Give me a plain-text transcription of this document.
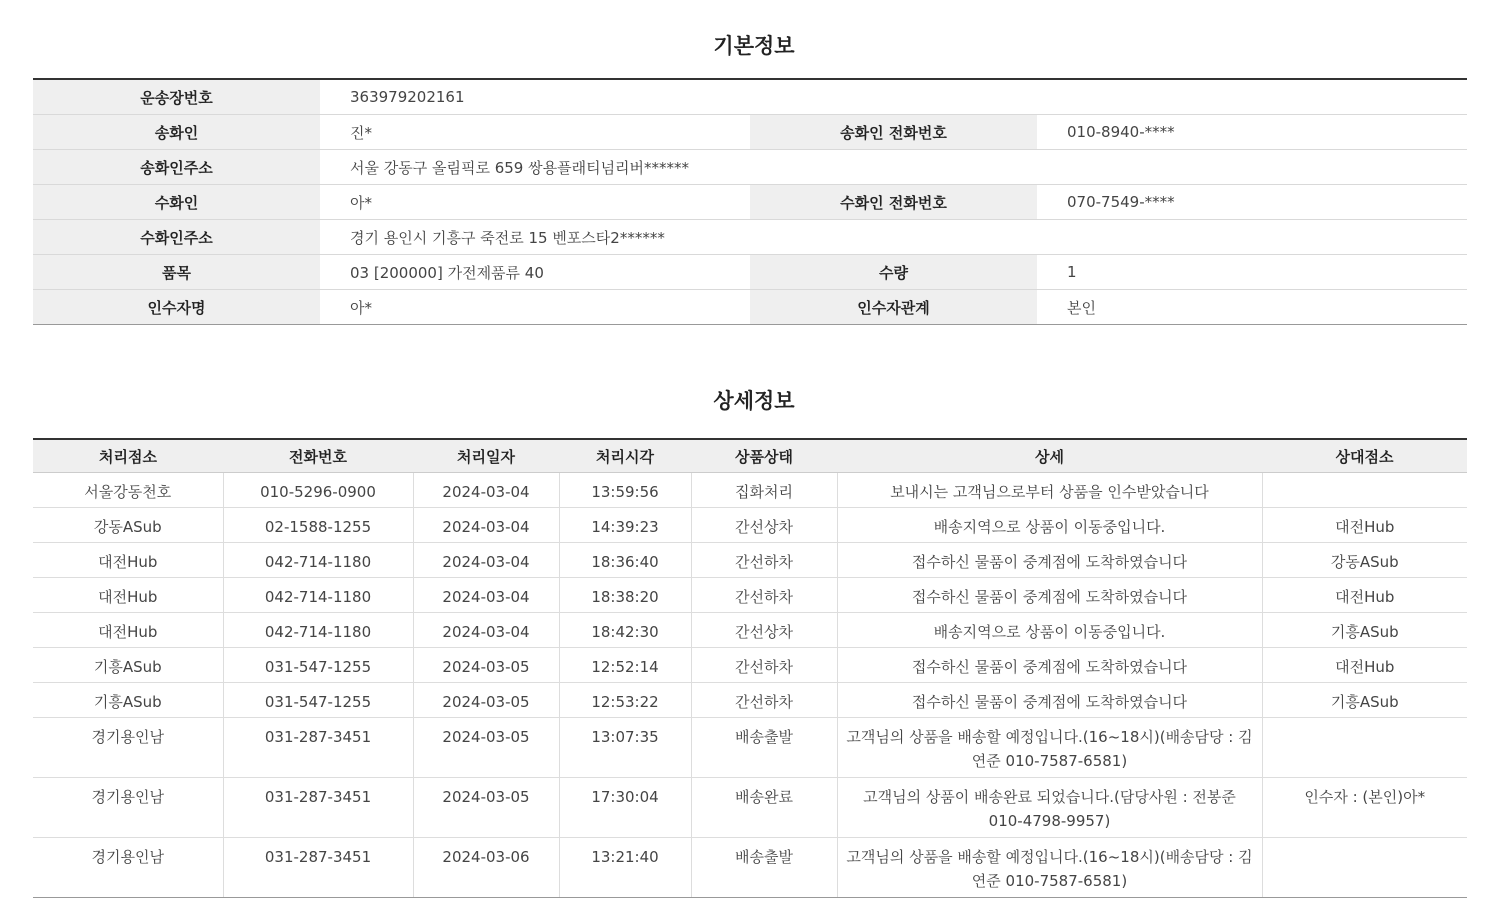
기본정보
운송장번호	363979202161		
송화인	진*	송화인 전화번호	010-8940-****
송화인주소	서울 강동구 올림픽로 659 쌍용플래티넘리버******		
수화인	아*	수화인 전화번호	070-7549-****
수화인주소	경기 용인시 기흥구 죽전로 15 벤포스타2******		
품목	03 [200000] 가전제품류 40	수량	1
인수자명	아*	인수자관계	본인
상세정보
처리점소	전화번호	처리일자	처리시각	상품상태	상세	상대점소
서울강동천호	010-5296-0900	2024-03-04	13:59:56	집화처리	보내시는 고객님으로부터 상품을 인수받았습니다	
강동ASub	02-1588-1255	2024-03-04	14:39:23	간선상차	배송지역으로 상품이 이동중입니다.	대전Hub
대전Hub	042-714-1180	2024-03-04	18:36:40	간선하차	접수하신 물품이 중계점에 도착하였습니다	강동ASub
대전Hub	042-714-1180	2024-03-04	18:38:20	간선하차	접수하신 물품이 중계점에 도착하였습니다	대전Hub
대전Hub	042-714-1180	2024-03-04	18:42:30	간선상차	배송지역으로 상품이 이동중입니다.	기흥ASub
기흥ASub	031-547-1255	2024-03-05	12:52:14	간선하차	접수하신 물품이 중계점에 도착하였습니다	대전Hub
기흥ASub	031-547-1255	2024-03-05	12:53:22	간선하차	접수하신 물품이 중계점에 도착하였습니다	기흥ASub
경기용인남	031-287-3451	2024-03-05	13:07:35	배송출발	고객님의 상품을 배송할 예정입니다.(16~18시)(배송담당 : 김연준 010-7587-6581)	
경기용인남	031-287-3451	2024-03-05	17:30:04	배송완료	고객님의 상품이 배송완료 되었습니다.(담당사원 : 전봉준 010-4798-9957)	인수자 : (본인)아*
경기용인남	031-287-3451	2024-03-06	13:21:40	배송출발	고객님의 상품을 배송할 예정입니다.(16~18시)(배송담당 : 김연준 010-7587-6581)	
